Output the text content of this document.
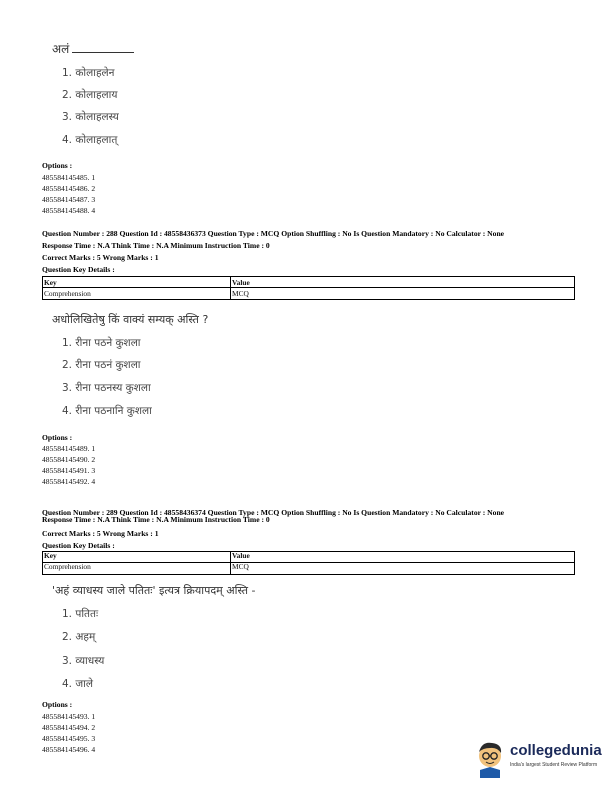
अलं
1. कोलाहलेन
2. कोलाहलाय
3. कोलाहलस्य
4. कोलाहलात्
Options :
485584145485. 1
485584145486. 2
485584145487. 3
485584145488. 4
Question Number : 288 Question Id : 48558436373 Question Type : MCQ Option Shuffling : No Is Question Mandatory : No Calculator : None
Response Time : N.A Think Time : N.A Minimum Instruction Time : 0
Correct Marks : 5 Wrong Marks : 1
Question Key Details :
Key	Value
Comprehension	MCQ
अधोलिखितेषु किं वाक्यं सम्यक् अस्ति ?
1. रीना पठने कुशला
2. रीना पठनं कुशला
3. रीना पठनस्य कुशला
4. रीना पठनानि कुशला
Options :
485584145489. 1
485584145490. 2
485584145491. 3
485584145492. 4
Question Number : 289 Question Id : 48558436374 Question Type : MCQ Option Shuffling : No Is Question Mandatory : No Calculator : None
Response Time : N.A Think Time : N.A Minimum Instruction Time : 0
Correct Marks : 5 Wrong Marks : 1
Question Key Details :
Key	Value
Comprehension	MCQ
'अहं व्याधस्य जाले पतितः' इत्यत्र क्रियापदम् अस्ति -
1. पतितः
2. अहम्
3. व्याधस्य
4. जाले
Options :
485584145493. 1
485584145494. 2
485584145495. 3
485584145496. 4	collegedunia
India's largest Student Review Platform
